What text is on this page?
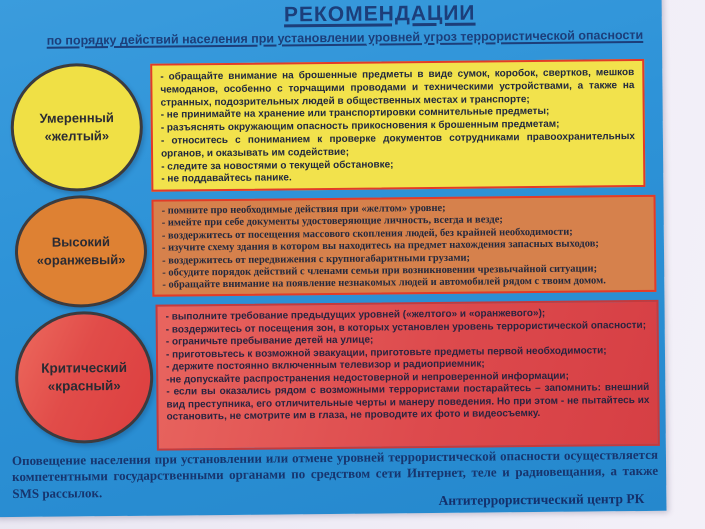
РЕКОМЕНДАЦИИ
по порядку действий населения при установлении уровней угроз террористической опасности
Умеренный
«желтый»
- обращайте внимание на брошенные предметы в виде сумок, коробок, свертков, мешков чемоданов, особенно с торчащими проводами и техническими устройствами, а также на странных, подозрительных людей в общественных местах и транспорте;
- не принимайте на хранение или транспортировки сомнительные предметы;
- разъяснять окружающим опасность прикосновения к брошенным предметам;
- относитесь с пониманием к проверке документов сотрудниками правоохранительных органов, и оказывать им содействие;
- следите за новостями о текущей обстановке;
- не поддавайтесь панике.
Высокий
«оранжевый»
- помните про необходимые действия при «желтом» уровне;
- имейте при себе документы удостоверяющие личность, всегда и везде;
- воздержитесь от посещения массового скопления людей, без крайней необходимости;
- изучите схему здания в котором вы находитесь на предмет нахождения запасных выходов;
- воздержитесь от передвижения с крупногабаритными грузами;
- обсудите порядок действий с членами семьи при возникновении чрезвычайной ситуации;
- обращайте внимание на появление незнакомых людей и автомобилей рядом с твоим домом.
Критический
«красный»
- выполните требование предыдущих уровней («желтого» и «оранжевого»);
- воздержитесь от посещения зон, в которых установлен уровень террористической опасности;
- ограничьте пребывание детей на улице;
- приготовьтесь к возможной эвакуации, приготовьте предметы первой необходимости;
- держите постоянно включенным телевизор и радиоприемник;
-не допускайте распространения недостоверной и непроверенной информации;
- если вы оказались рядом с возможными террористами постарайтесь – запомнить: внешний вид преступника, его отличительные черты и манеру поведения. Но при этом - не пытайтесь их остановить, не смотрите им в глаза, не проводите их фото и видеосъемку.
Оповещение населения при установлении или отмене уровней террористической опасности осуществляется компетентными государственными органами по средством сети Интернет, теле и радиовещания, а также SMS рассылок.	Антитеррористический центр РК
